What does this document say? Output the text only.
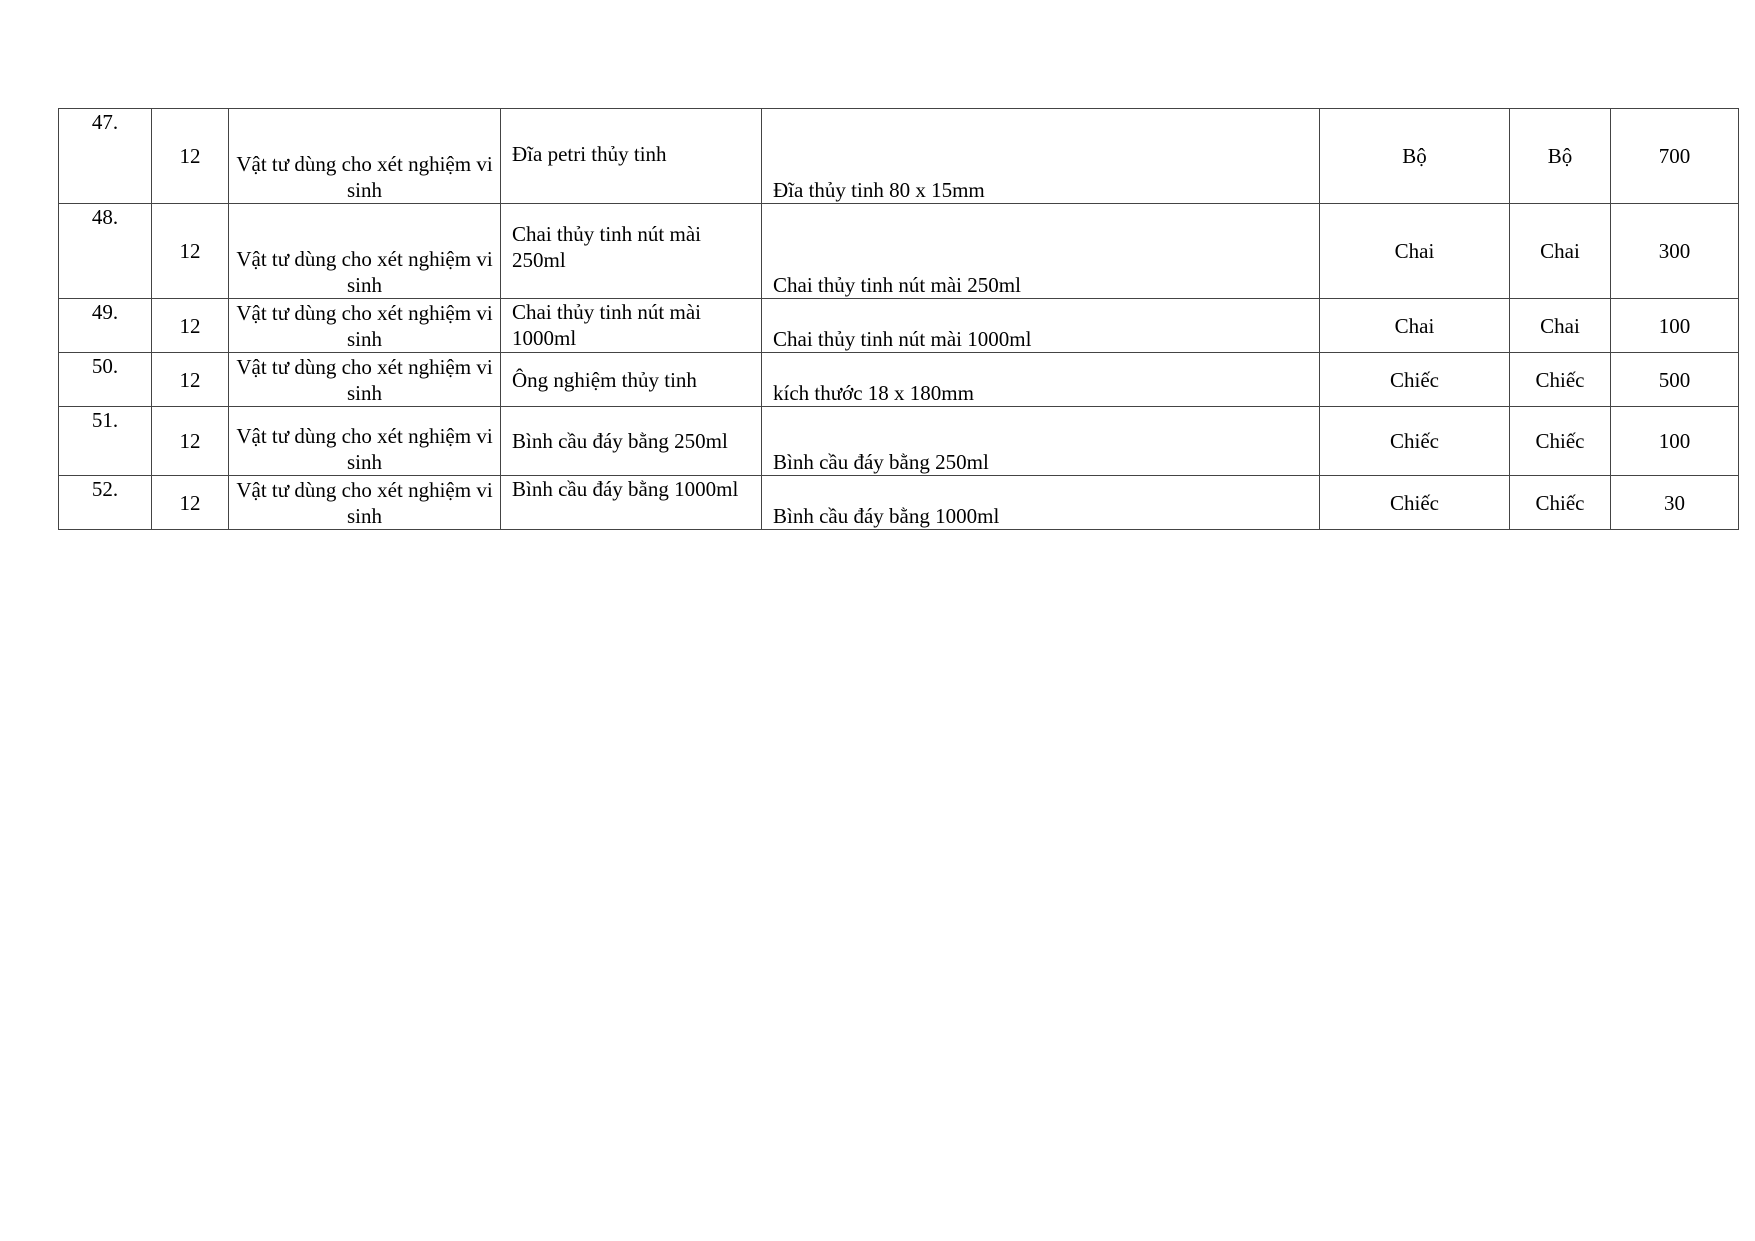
47.	12	Vật tư dùng cho xét nghiệm vi sinh	Đĩa petri thủy tinh	Đĩa thủy tinh 80 x 15mm	Bộ	Bộ	700

48.	12	Vật tư dùng cho xét nghiệm vi sinh	Chai thủy tinh nút mài 250ml	Chai thủy tinh nút mài 250ml	Chai	Chai	300

49.	12	Vật tư dùng cho xét nghiệm vi sinh	Chai thủy tinh nút mài 1000ml	Chai thủy tinh nút mài 1000ml	Chai	Chai	100

50.	12	Vật tư dùng cho xét nghiệm vi sinh	Ông nghiệm thủy tinh	kích thước 18 x 180mm	Chiếc	Chiếc	500

51.	12	Vật tư dùng cho xét nghiệm vi sinh	Bình cầu đáy bằng 250ml	Bình cầu đáy bằng 250ml	Chiếc	Chiếc	100

52.	12	Vật tư dùng cho xét nghiệm vi sinh	Bình cầu đáy bằng 1000ml	Bình cầu đáy bằng 1000ml	Chiếc	Chiếc	30
